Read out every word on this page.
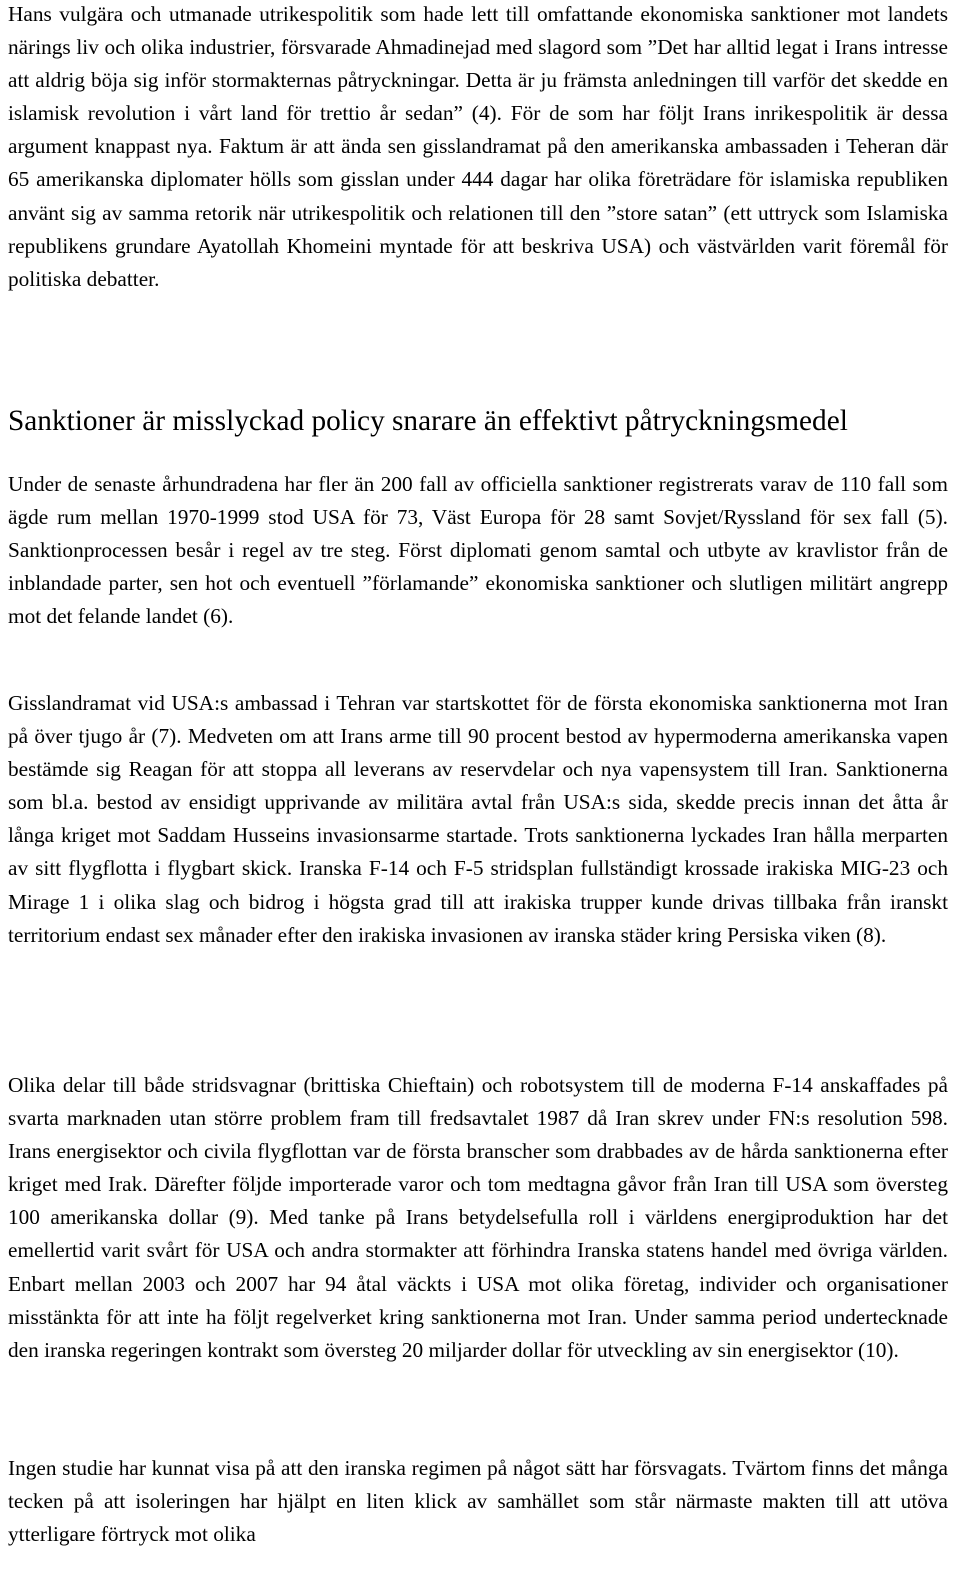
Hans vulgära och utmanade utrikespolitik som hade lett till omfattande ekonomiska sanktioner mot landets närings liv och olika industrier, försvarade Ahmadinejad med slagord som ”Det har alltid legat i Irans intresse att aldrig böja sig inför stormakternas påtryckningar. Detta är ju främsta anledningen till varför det skedde en islamisk revolution i vårt land för trettio år sedan” (4). För de som har följt Irans inrikespolitik är dessa argument knappast nya. Faktum är att ända sen gisslandramat på den amerikanska ambassaden i Teheran där 65 amerikanska diplomater hölls som gisslan under 444 dagar har olika företrädare för islamiska republiken använt sig av samma retorik när utrikespolitik och relationen till den ”store satan” (ett uttryck som Islamiska republikens grundare Ayatollah Khomeini myntade för att beskriva USA) och västvärlden varit föremål för politiska debatter.

Sanktioner är misslyckad policy snarare än effektivt påtryckningsmedel

Under de senaste århundradena har fler än 200 fall av officiella sanktioner registrerats varav de 110 fall som ägde rum mellan 1970-1999 stod USA för 73, Väst Europa för 28 samt Sovjet/Ryssland för sex fall (5). Sanktionprocessen besår i regel av tre steg. Först diplomati genom samtal och utbyte av kravlistor från de inblandade parter, sen hot och eventuell ”förlamande” ekonomiska sanktioner och slutligen militärt angrepp mot det felande landet (6).

Gisslandramat vid USA:s ambassad i Tehran var startskottet för de första ekonomiska sanktionerna mot Iran på över tjugo år (7). Medveten om att Irans arme till 90 procent bestod av hypermoderna amerikanska vapen bestämde sig Reagan för att stoppa all leverans av reservdelar och nya vapensystem till Iran. Sanktionerna som bl.a. bestod av ensidigt upprivande av militära avtal från USA:s sida, skedde precis innan det åtta år långa kriget mot Saddam Husseins invasionsarme startade. Trots sanktionerna lyckades Iran hålla merparten av sitt flygflotta i flygbart skick. Iranska F-14 och F-5 stridsplan fullständigt krossade irakiska MIG-23 och Mirage 1 i olika slag och bidrog i högsta grad till att irakiska trupper kunde drivas tillbaka från iranskt territorium endast sex månader efter den irakiska invasionen av iranska städer kring Persiska viken (8).

Olika delar till både stridsvagnar (brittiska Chieftain) och robotsystem till de moderna F-14 anskaffades på svarta marknaden utan större problem fram till fredsavtalet 1987 då Iran skrev under FN:s resolution 598. Irans energisektor och civila flygflottan var de första branscher som drabbades av de hårda sanktionerna efter kriget med Irak. Därefter följde importerade varor och tom medtagna gåvor från Iran till USA som översteg 100 amerikanska dollar (9). Med tanke på Irans betydelsefulla roll i världens energiproduktion har det emellertid varit svårt för USA och andra stormakter att förhindra Iranska statens handel med övriga världen. Enbart mellan 2003 och 2007 har 94 åtal väckts i USA mot olika företag, individer och organisationer misstänkta för att inte ha följt regelverket kring sanktionerna mot Iran. Under samma period undertecknade den iranska regeringen kontrakt som översteg 20 miljarder dollar för utveckling av sin energisektor (10).

Ingen studie har kunnat visa på att den iranska regimen på något sätt har försvagats. Tvärtom finns det många tecken på att isoleringen har hjälpt en liten klick av samhället som står närmaste makten till att utöva ytterligare förtryck mot olika
